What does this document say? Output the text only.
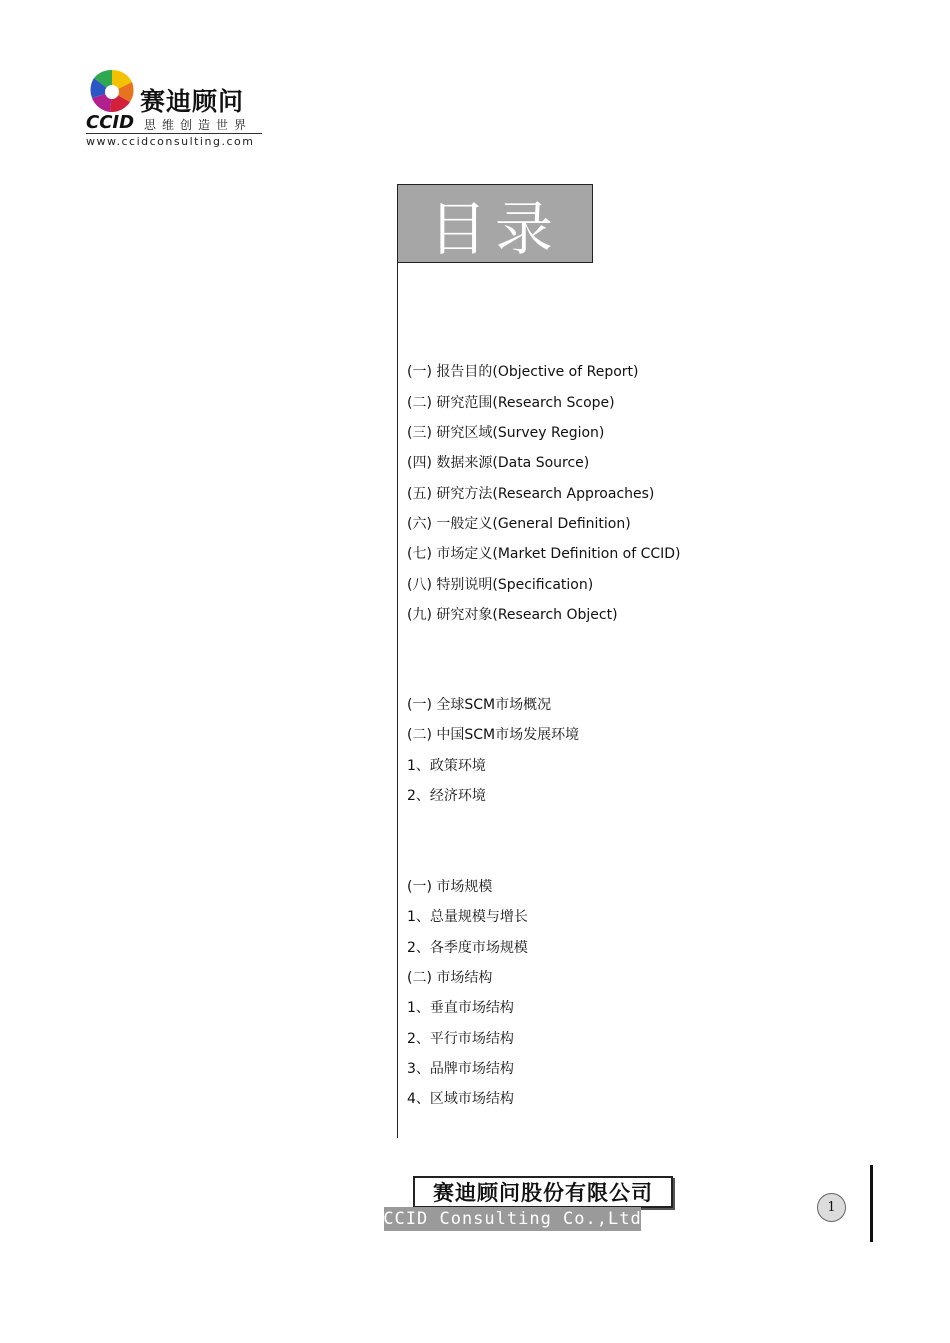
赛迪顾问
CCID 思维创造世界
www.ccidconsulting.com
目录
(一) 报告目的(Objective of Report)
(二) 研究范围(Research Scope)
(三) 研究区域(Survey Region)
(四) 数据来源(Data Source)
(五) 研究方法(Research Approaches)
(六) 一般定义(General Definition)
(七) 市场定义(Market Definition of CCID)
(八) 特别说明(Specification)
(九) 研究对象(Research Object)
(一) 全球SCM市场概况
(二) 中国SCM市场发展环境
1、政策环境
2、经济环境
(一) 市场规模
1、总量规模与增长
2、各季度市场规模
(二) 市场结构
1、垂直市场结构
2、平行市场结构
3、品牌市场结构
4、区域市场结构
赛迪顾问股份有限公司
CCID Consulting Co.,Ltd
1
